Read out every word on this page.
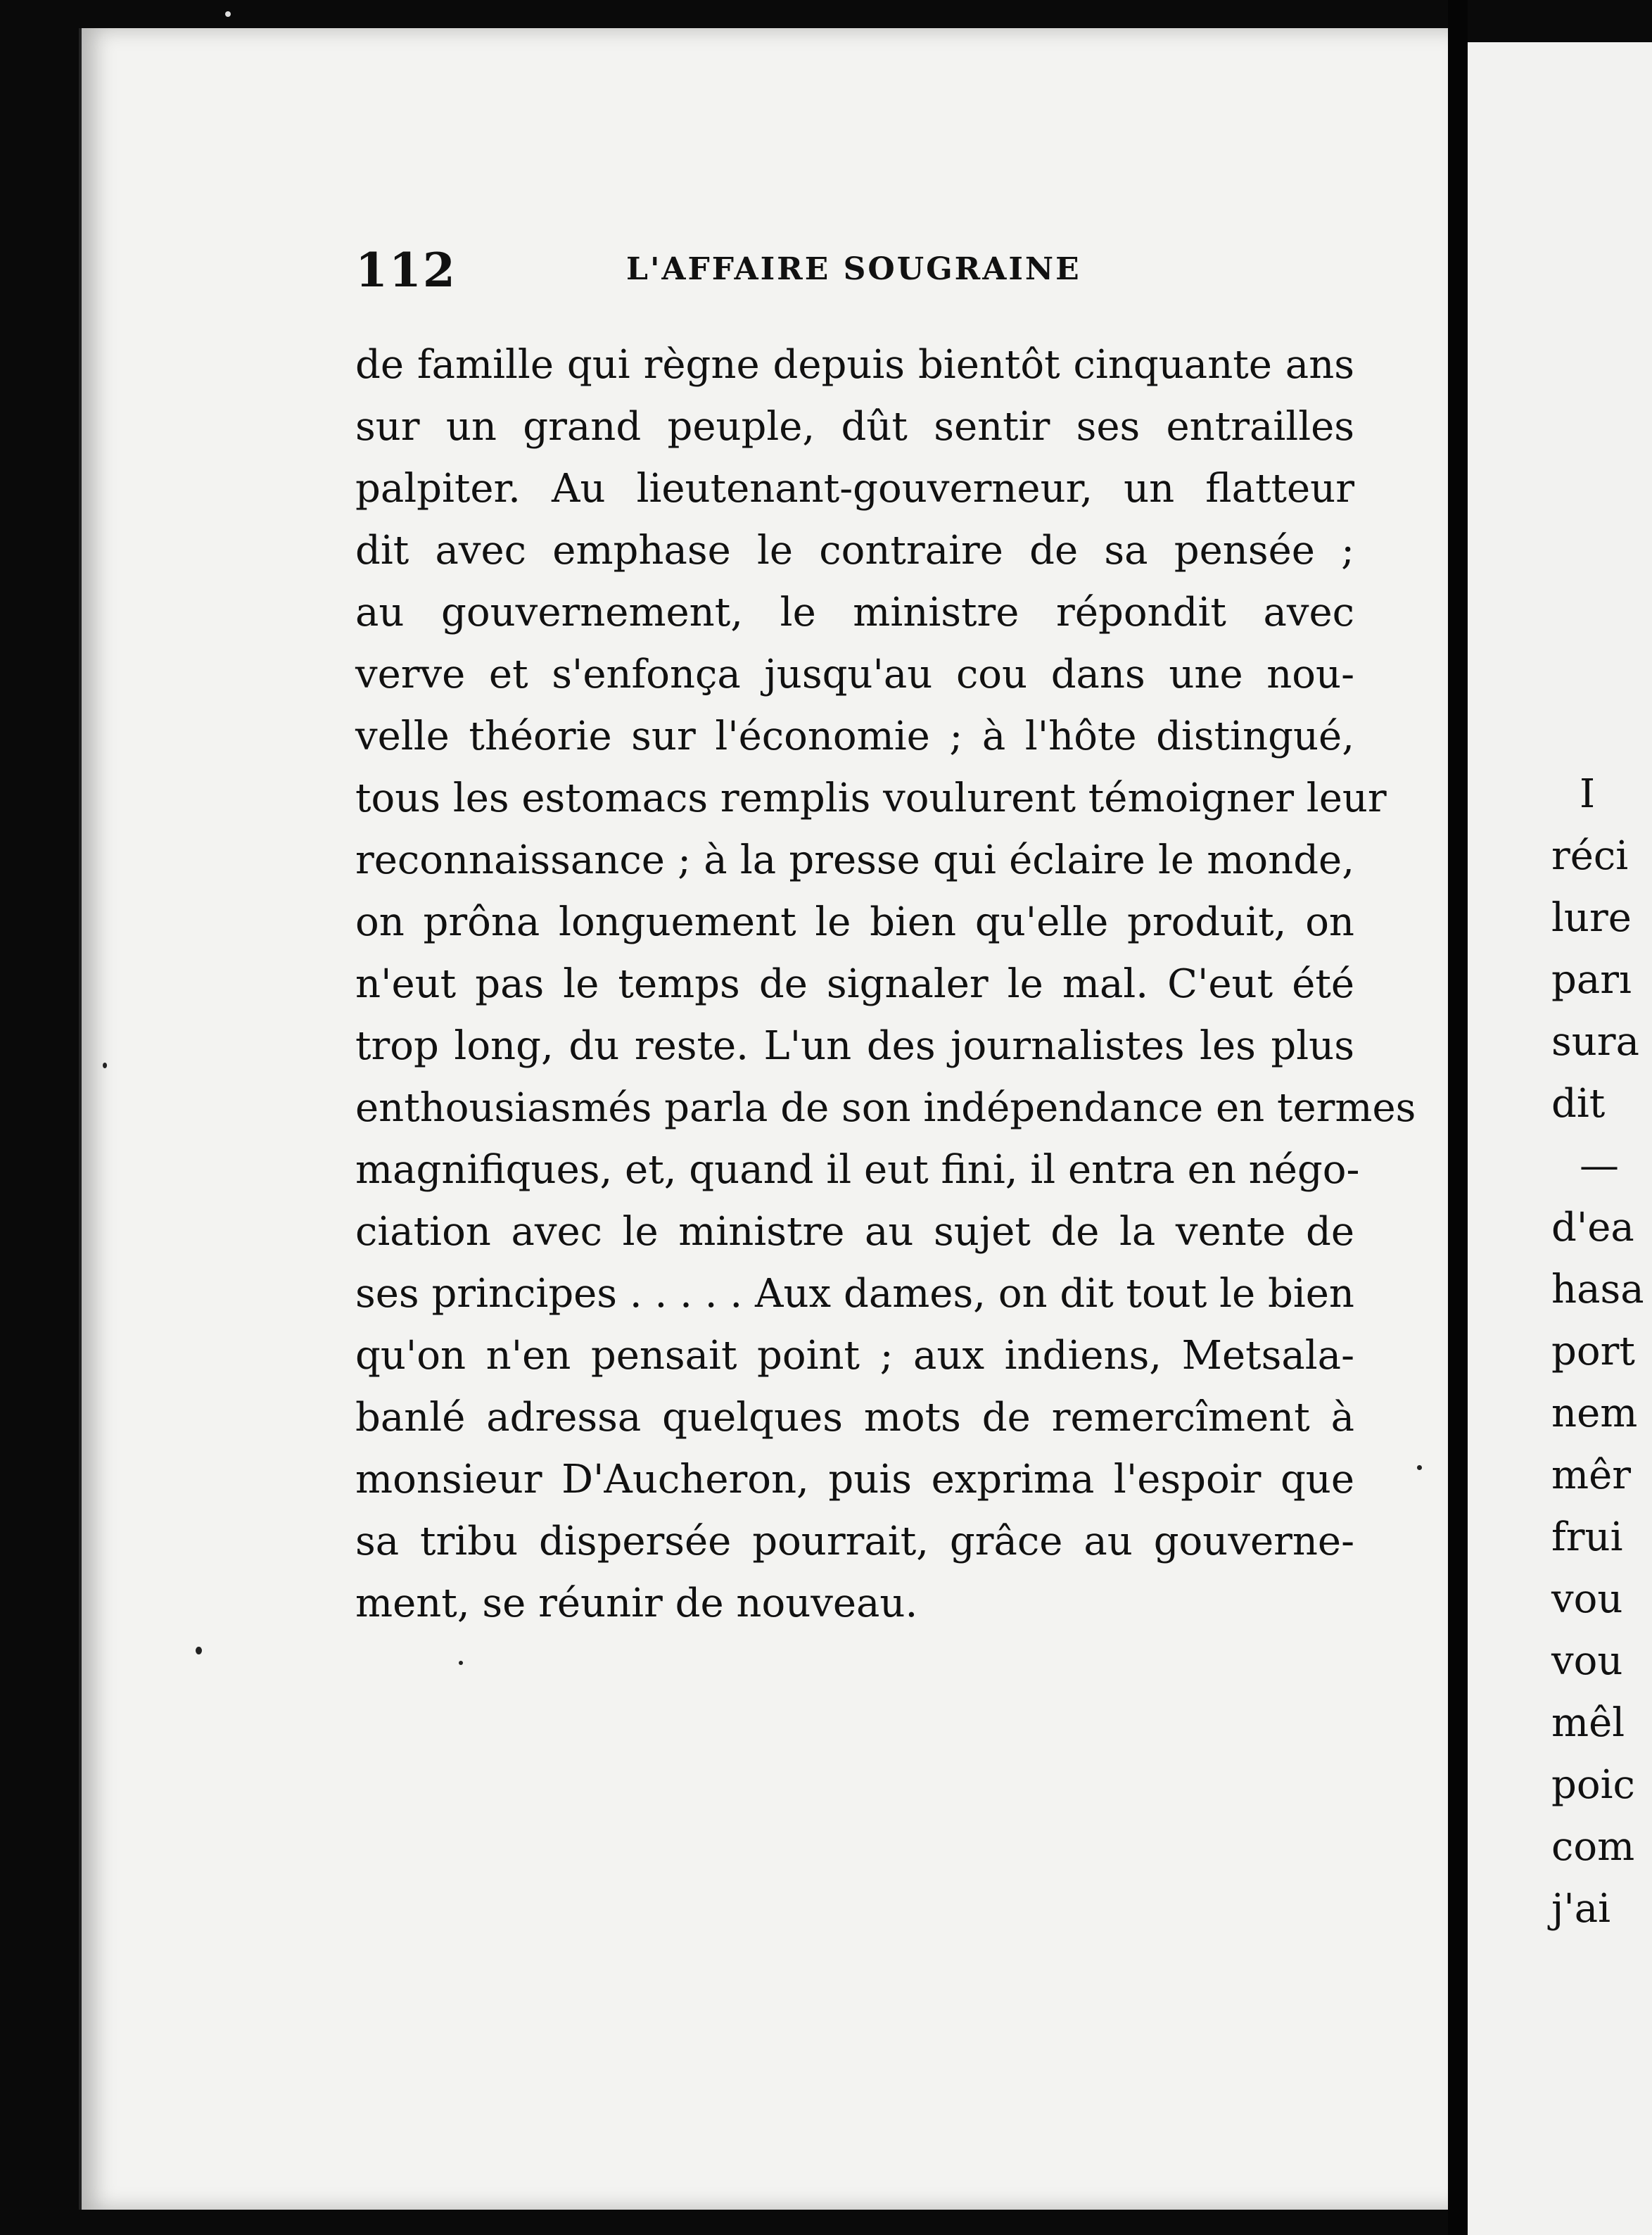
112	L'AFFAIRE SOUGRAINE
de famille qui règne depuis bientôt cinquante ans
sur un grand peuple, dût sentir ses entrailles
palpiter. Au lieutenant-gouverneur, un flatteur
dit avec emphase le contraire de sa pensée ;
au gouvernement, le ministre répondit avec
verve et s'enfonça jusqu'au cou dans une nou-
velle théorie sur l'économie ; à l'hôte distingué,
tous les estomacs remplis voulurent témoigner leur
reconnaissance ; à la presse qui éclaire le monde,
on prôna longuement le bien qu'elle produit, on
n'eut pas le temps de signaler le mal. C'eut été
trop long, du reste. L'un des journalistes les plus
enthousiasmés parla de son indépendance en termes
magnifiques, et, quand il eut fini, il entra en négo-
ciation avec le ministre au sujet de la vente de
ses principes . . . . . Aux dames, on dit tout le bien
qu'on n'en pensait point ; aux indiens, Metsala-
banlé adressa quelques mots de remercîment à
monsieur D'Aucheron, puis exprima l'espoir que
sa tribu dispersée pourrait, grâce au gouverne-
ment, se réunir de nouveau.
I
réci
lure
parı
sura
dit
—
d'ea
hasa
port
nem
mêr
frui
vou
vou
mêl
poic
com
j'ai
